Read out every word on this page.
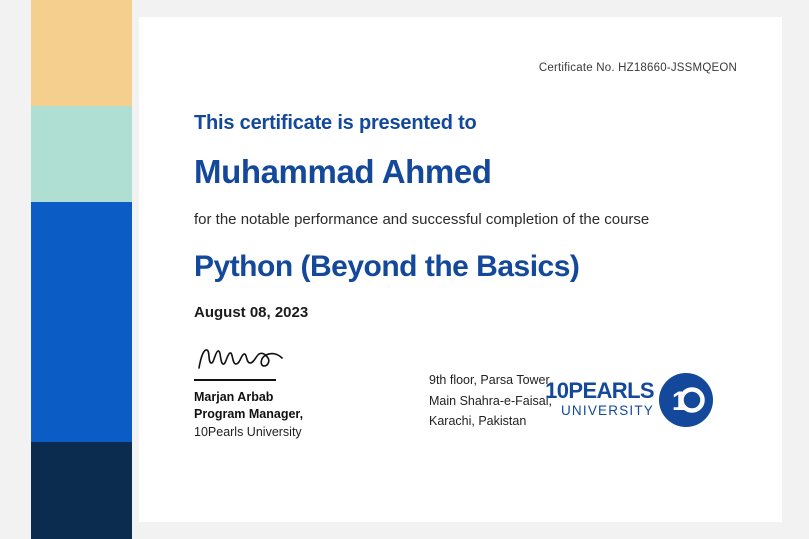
Certificate No. HZ18660-JSSMQEON

This certificate is presented to

Muhammad Ahmed

for the notable performance and successful completion of the course

Python (Beyond the Basics)

August 08, 2023

Marjan Arbab
Program Manager,
10Pearls University
9th floor, Parsa Tower,
Main Shahra-e-Faisal,
Karachi, Pakistan
10PEARLS
UNIVERSITY 1
